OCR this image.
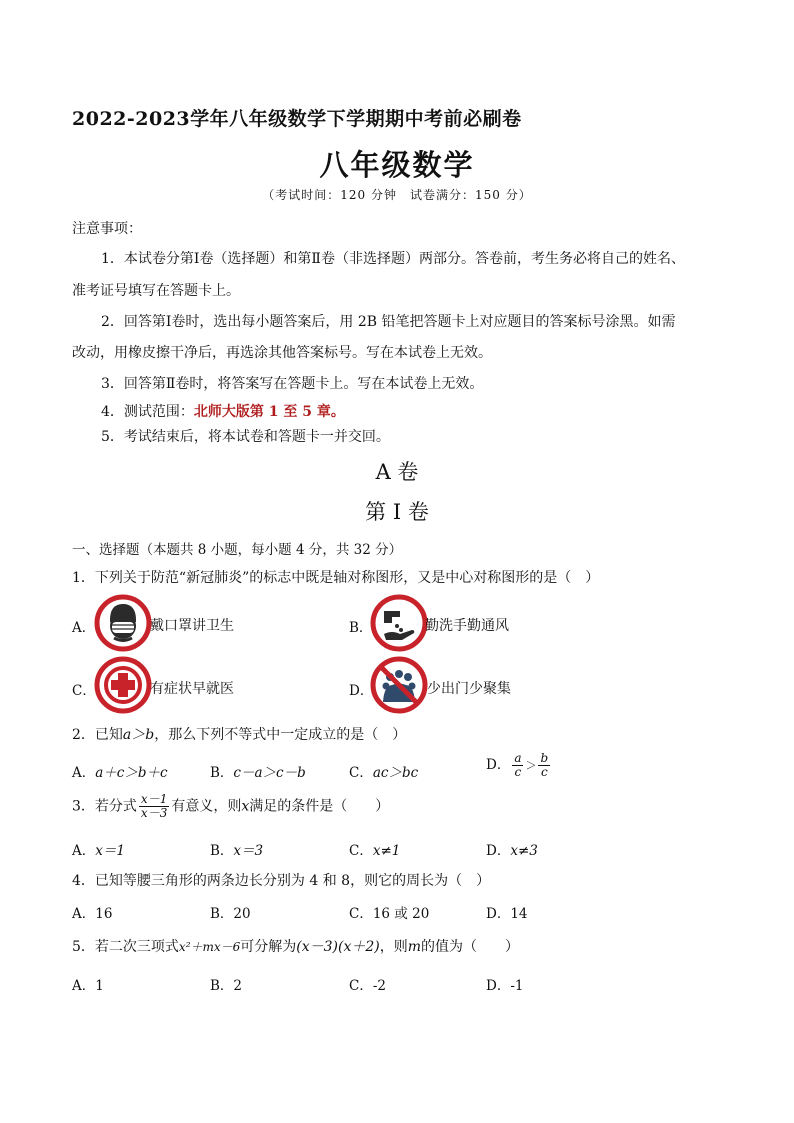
2022-2023学年八年级数学下学期期中考前必刷卷
八年级数学
（考试时间：120 分钟　试卷满分：150 分）
注意事项：
1．本试卷分第Ⅰ卷（选择题）和第Ⅱ卷（非选择题）两部分。答卷前，考生务必将自己的姓名、
准考证号填写在答题卡上。
2．回答第Ⅰ卷时，选出每小题答案后，用 2B 铅笔把答题卡上对应题目的答案标号涂黑。如需
改动，用橡皮擦干净后，再选涂其他答案标号。写在本试卷上无效。
3．回答第Ⅱ卷时，将答案写在答题卡上。写在本试卷上无效。
4．测试范围：北师大版第 1 至 5 章。
5．考试结束后，将本试卷和答题卡一并交回。
A 卷
第 I 卷
一、选择题（本题共 8 小题，每小题 4 分，共 32 分）
1．下列关于防范“新冠肺炎”的标志中既是轴对称图形，又是中心对称图形的是（　）
A．	戴口罩讲卫生	B．	勤洗手勤通风
C．	有症状早就医	D．	少出门少聚集
2．已知a＞b，那么下列不等式中一定成立的是（　）
A．a＋c＞b＋c	B．c－a＞c－b	C．ac＞bc	D． $\frac{a}{c} > \frac{b}{c}$
3．若分式 $\frac{x-1}{x-3}$ 有意义，则x满足的条件是（　　）
A．x＝1	B．x＝3	C．x≠1	D．x≠3
4．已知等腰三角形的两条边长分别为 4 和 8，则它的周长为（　）
A．16	B．20	C．16 或 20	D．14
5．若二次三项式x²＋mx－6可分解为(x－3)(x＋2)，则m的值为（　　）
A．1	B．2	C．-2	D．-1
